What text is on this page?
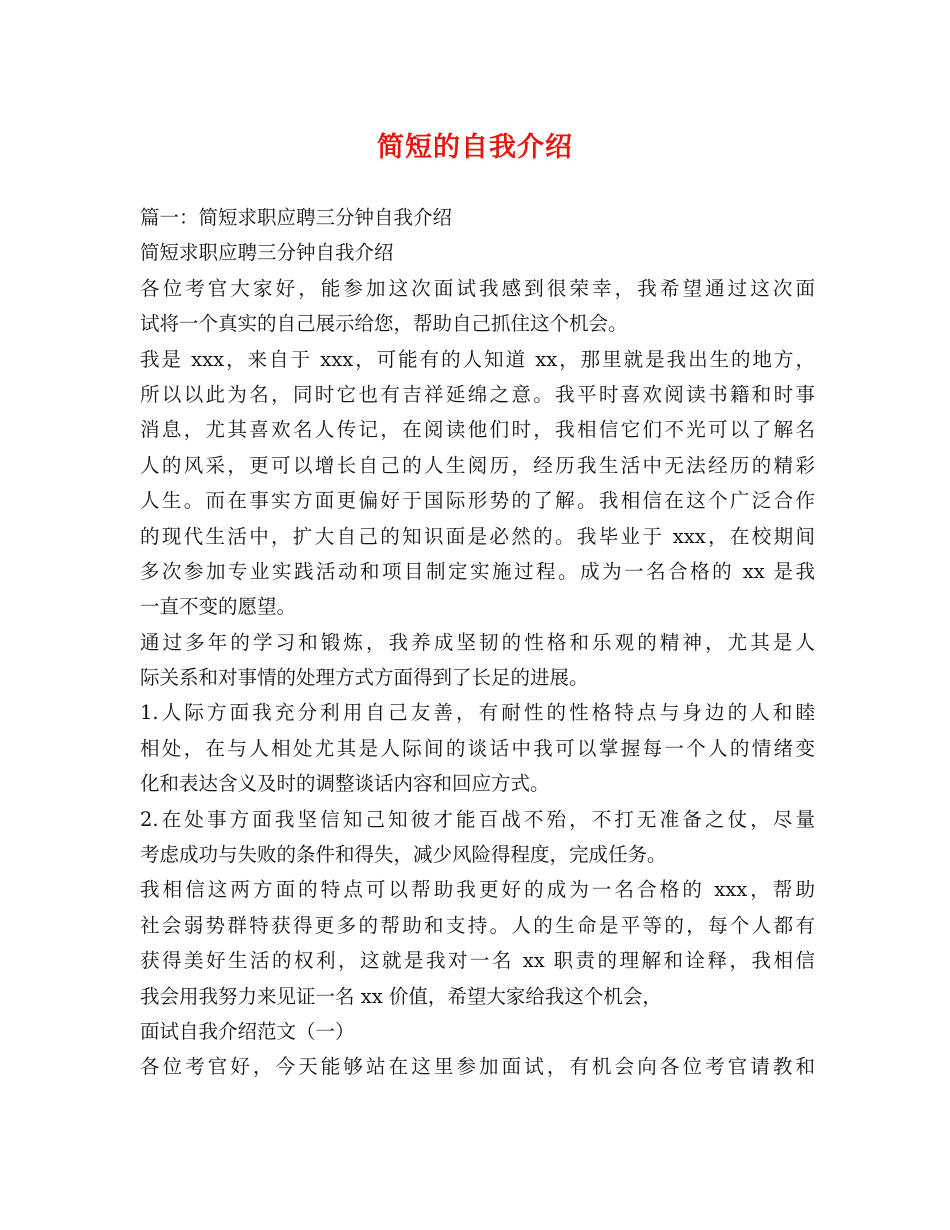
简短的自我介绍
篇一：简短求职应聘三分钟自我介绍
简短求职应聘三分钟自我介绍
各位考官大家好，能参加这次面试我感到很荣幸，我希望通过这次面
试将一个真实的自己展示给您，帮助自己抓住这个机会。
我是 xxx，来自于 xxx，可能有的人知道 xx，那里就是我出生的地方，
所以以此为名，同时它也有吉祥延绵之意。我平时喜欢阅读书籍和时事
消息，尤其喜欢名人传记，在阅读他们时，我相信它们不光可以了解名
人的风采，更可以增长自己的人生阅历，经历我生活中无法经历的精彩
人生。而在事实方面更偏好于国际形势的了解。我相信在这个广泛合作
的现代生活中，扩大自己的知识面是必然的。我毕业于 xxx，在校期间
多次参加专业实践活动和项目制定实施过程。成为一名合格的 xx 是我
一直不变的愿望。
通过多年的学习和锻炼，我养成坚韧的性格和乐观的精神，尤其是人
际关系和对事情的处理方式方面得到了长足的进展。
1.人际方面我充分利用自己友善，有耐性的性格特点与身边的人和睦
相处，在与人相处尤其是人际间的谈话中我可以掌握每一个人的情绪变
化和表达含义及时的调整谈话内容和回应方式。
2.在处事方面我坚信知己知彼才能百战不殆，不打无准备之仗，尽量
考虑成功与失败的条件和得失，减少风险得程度，完成任务。
我相信这两方面的特点可以帮助我更好的成为一名合格的 xxx，帮助
社会弱势群特获得更多的帮助和支持。人的生命是平等的，每个人都有
获得美好生活的权利，这就是我对一名 xx 职责的理解和诠释，我相信
我会用我努力来见证一名 xx 价值，希望大家给我这个机会，
面试自我介绍范文（一）
各位考官好，今天能够站在这里参加面试，有机会向各位考官请教和
